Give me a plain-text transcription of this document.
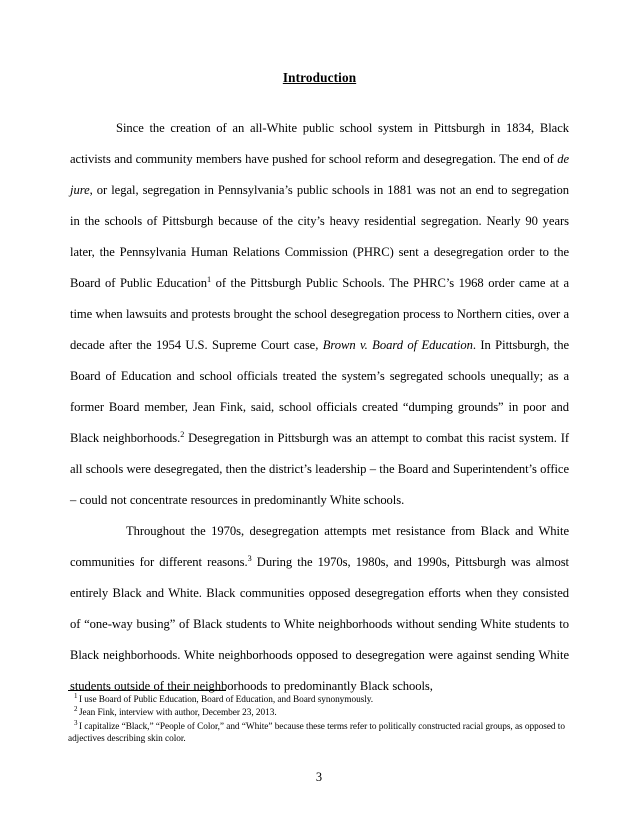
Introduction

Since the creation of an all-White public school system in Pittsburgh in 1834, Black activists and community members have pushed for school reform and desegregation. The end of de jure, or legal, segregation in Pennsylvania’s public schools in 1881 was not an end to segregation in the schools of Pittsburgh because of the city’s heavy residential segregation. Nearly 90 years later, the Pennsylvania Human Relations Commission (PHRC) sent a desegregation order to the Board of Public Education$^1$ of the Pittsburgh Public Schools. The PHRC’s 1968 order came at a time when lawsuits and protests brought the school desegregation process to Northern cities, over a decade after the 1954 U.S. Supreme Court case, Brown v. Board of Education. In Pittsburgh, the Board of Education and school officials treated the system’s segregated schools unequally; as a former Board member, Jean Fink, said, school officials created “dumping grounds” in poor and Black neighborhoods.$^2$ Desegregation in Pittsburgh was an attempt to combat this racist system. If all schools were desegregated, then the district’s leadership – the Board and Superintendent’s office – could not concentrate resources in predominantly White schools.

Throughout the 1970s, desegregation attempts met resistance from Black and White communities for different reasons.$^3$ During the 1970s, 1980s, and 1990s, Pittsburgh was almost entirely Black and White. Black communities opposed desegregation efforts when they consisted of “one-way busing” of Black students to White neighborhoods without sending White students to Black neighborhoods. White neighborhoods opposed to desegregation were against sending White students outside of their neighborhoods to predominantly Black schools,

$^1$ I use Board of Public Education, Board of Education, and Board synonymously.
$^2$ Jean Fink, interview with author, December 23, 2013.
$^3$ I capitalize “Black,” “People of Color,” and “White” because these terms refer to politically constructed racial groups, as opposed to adjectives describing skin color.
3
